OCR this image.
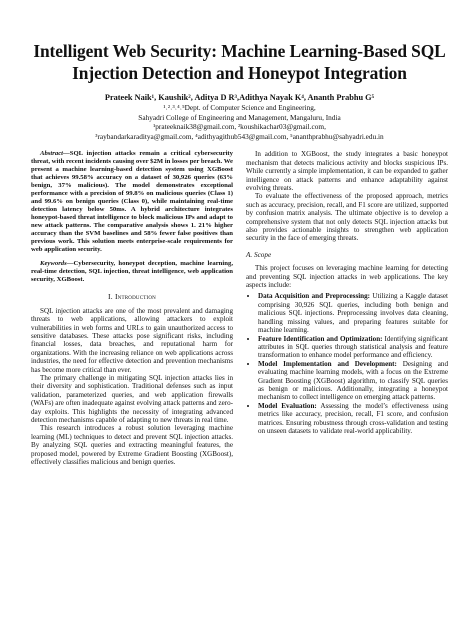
Intelligent Web Security: Machine Learning-Based SQL Injection Detection and Honeypot Integration
Prateek Naik¹, Kaushik², Aditya D R³,Adithya Nayak K⁴, Ananth Prabhu G⁵
¹˒²˒³˒⁴˒⁵Dept. of Computer Science and Engineering,
Sahyadri College of Engineering and Management, Mangaluru, India
¹prateeknaik38@gmail.com, ²koushikachar03@gmail.com,
³raybandarkaraditya@gmail.com, ⁴adithyagithub543@gmail.com, ⁵ananthprabhu@sahyadri.edu.in
Abstract—SQL injection attacks remain a critical cybersecurity threat, with recent incidents causing over $2M in losses per breach. We present a machine learning-based detection system using XGBoost that achieves 99.58% accuracy on a dataset of 30,926 queries (63% benign, 37% malicious). The model demonstrates exceptional performance with a precision of 99.8% on malicious queries (Class 1) and 99.6% on benign queries (Class 0), while maintaining real-time detection latency below 50ms. A hybrid architecture integrates honeypot-based threat intelligence to block malicious IPs and adapt to new attack patterns. The comparative analysis shows 1. 21% higher accuracy than the SVM baselines and 58% fewer false positives than previous work. This solution meets enterprise-scale requirements for web application security.
Keywords—Cybersecurity, honeypot deception, machine learning, real-time detection, SQL injection, threat intelligence, web application security, XGBoost.
I. Introduction

SQL injection attacks are one of the most prevalent and damaging threats to web applications, allowing attackers to exploit vulnerabilities in web forms and URLs to gain unauthorized access to sensitive databases. These attacks pose significant risks, including financial losses, data breaches, and reputational harm for organizations. With the increasing reliance on web applications across industries, the need for effective detection and prevention mechanisms has become more critical than ever.

The primary challenge in mitigating SQL injection attacks lies in their diversity and sophistication. Traditional defenses such as input validation, parameterized queries, and web application firewalls (WAFs) are often inadequate against evolving attack patterns and zero-day exploits. This highlights the necessity of integrating advanced detection mechanisms capable of adapting to new threats in real time.

This research introduces a robust solution leveraging machine learning (ML) techniques to detect and prevent SQL injection attacks. By analyzing SQL queries and extracting meaningful features, the proposed model, powered by Extreme Gradient Boosting (XGBoost), effectively classifies malicious and benign queries.

In addition to XGBoost, the study integrates a basic honeypot mechanism that detects malicious activity and blocks suspicious IPs. While currently a simple implementation, it can be expanded to gather intelligence on attack patterns and enhance adaptability against evolving threats.

To evaluate the effectiveness of the proposed approach, metrics such as accuracy, precision, recall, and F1 score are utilized, supported by confusion matrix analysis. The ultimate objective is to develop a comprehensive system that not only detects SQL injection attacks but also provides actionable insights to strengthen web application security in the face of emerging threats.

A. Scope

This project focuses on leveraging machine learning for detecting and preventing SQL injection attacks in web applications. The key aspects include:

• Data Acquisition and Preprocessing: Utilizing a Kaggle dataset comprising 30,926 SQL queries, including both benign and malicious SQL injections. Preprocessing involves data cleaning, handling missing values, and preparing features suitable for machine learning.
• Feature Identification and Optimization: Identifying significant attributes in SQL queries through statistical analysis and feature transformation to enhance model performance and efficiency.
• Model Implementation and Development: Designing and evaluating machine learning models, with a focus on the Extreme Gradient Boosting (XGBoost) algorithm, to classify SQL queries as benign or malicious. Additionally, integrating a honeypot mechanism to collect intelligence on emerging attack patterns.
• Model Evaluation: Assessing the model’s effectiveness using metrics like accuracy, precision, recall, F1 score, and confusion matrices. Ensuring robustness through cross-validation and testing on unseen datasets to validate real-world applicability.
